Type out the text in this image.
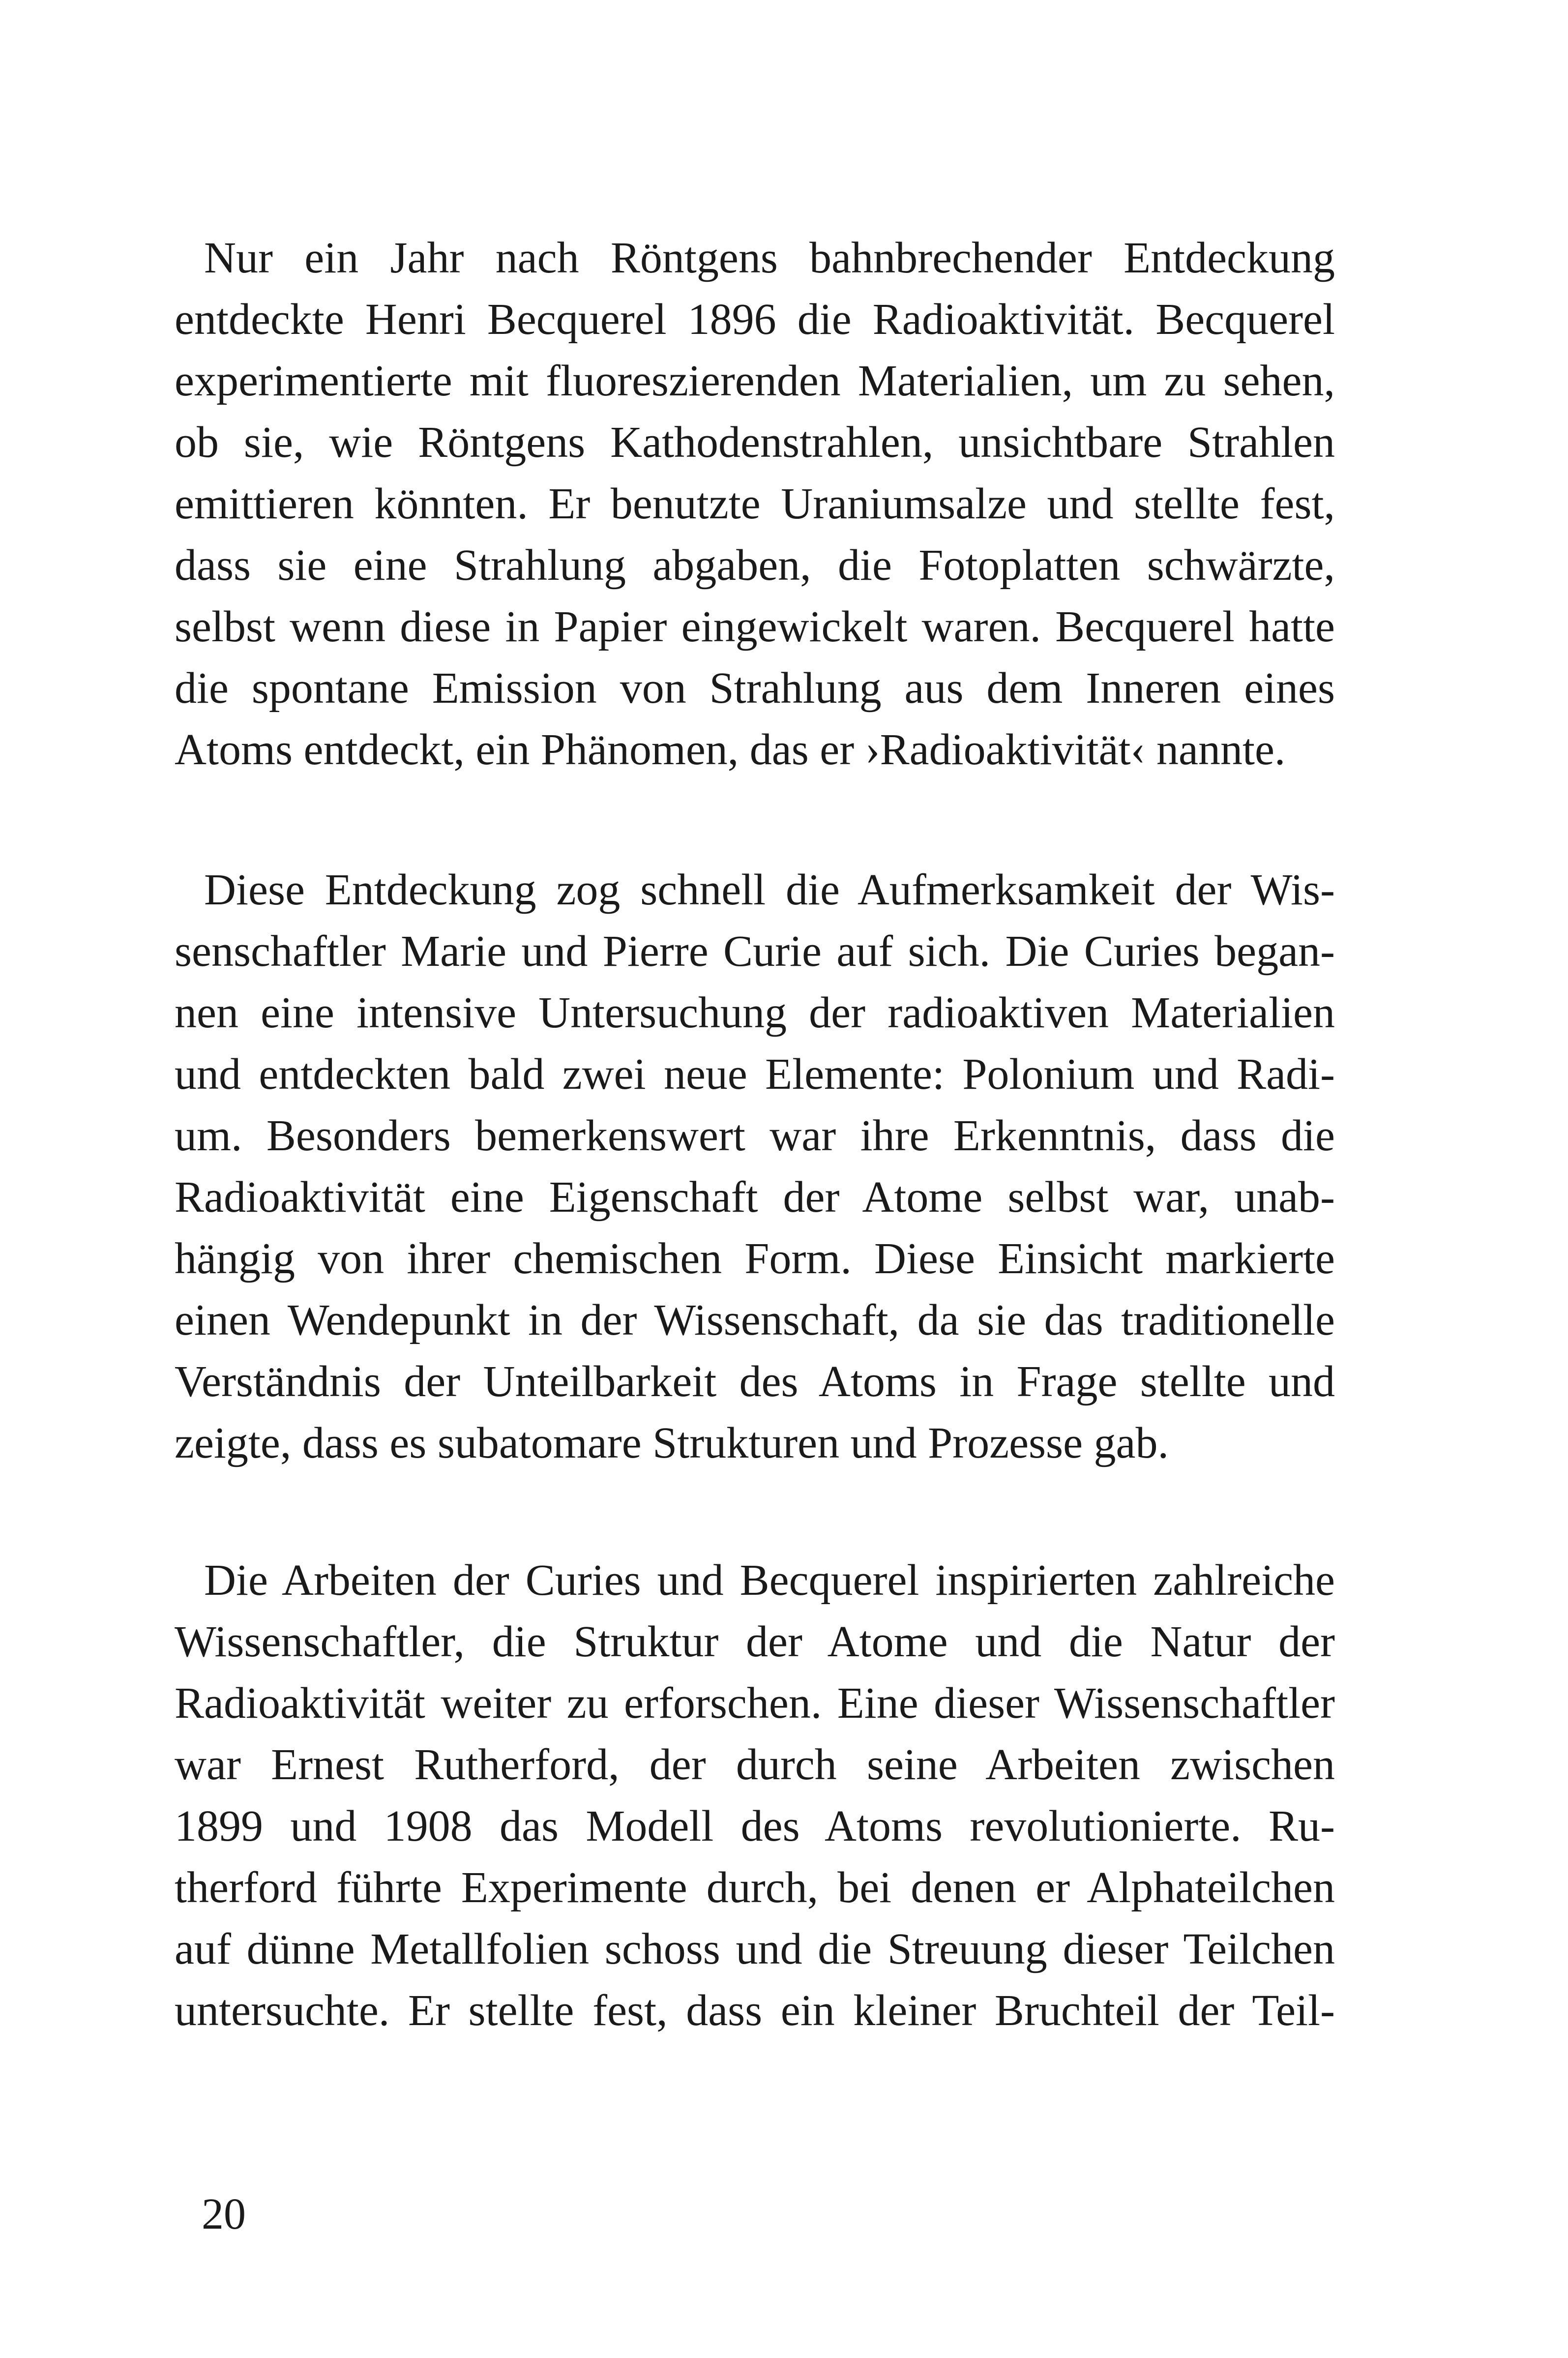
Nur ein Jahr nach Röntgens bahnbrechender Entdeckung
entdeckte Henri Becquerel 1896 die Radioaktivität. Becquerel
experimentierte mit fluoreszierenden Materialien, um zu sehen,
ob sie, wie Röntgens Kathodenstrahlen, unsichtbare Strahlen
emittieren könnten. Er benutzte Uraniumsalze und stellte fest,
dass sie eine Strahlung abgaben, die Fotoplatten schwärzte,
selbst wenn diese in Papier eingewickelt waren. Becquerel hatte
die spontane Emission von Strahlung aus dem Inneren eines
Atoms entdeckt, ein Phänomen, das er ›Radioaktivität‹ nannte.
Diese Entdeckung zog schnell die Aufmerksamkeit der Wis-
senschaftler Marie und Pierre Curie auf sich. Die Curies began-
nen eine intensive Untersuchung der radioaktiven Materialien
und entdeckten bald zwei neue Elemente: Polonium und Radi-
um. Besonders bemerkenswert war ihre Erkenntnis, dass die
Radioaktivität eine Eigenschaft der Atome selbst war, unab-
hängig von ihrer chemischen Form. Diese Einsicht markierte
einen Wendepunkt in der Wissenschaft, da sie das traditionelle
Verständnis der Unteilbarkeit des Atoms in Frage stellte und
zeigte, dass es subatomare Strukturen und Prozesse gab.
Die Arbeiten der Curies und Becquerel inspirierten zahlreiche
Wissenschaftler, die Struktur der Atome und die Natur der
Radioaktivität weiter zu erforschen. Eine dieser Wissenschaftler
war Ernest Rutherford, der durch seine Arbeiten zwischen
1899 und 1908 das Modell des Atoms revolutionierte. Ru-
therford führte Experimente durch, bei denen er Alphateilchen
auf dünne Metallfolien schoss und die Streuung dieser Teilchen
untersuchte. Er stellte fest, dass ein kleiner Bruchteil der Teil-
20
